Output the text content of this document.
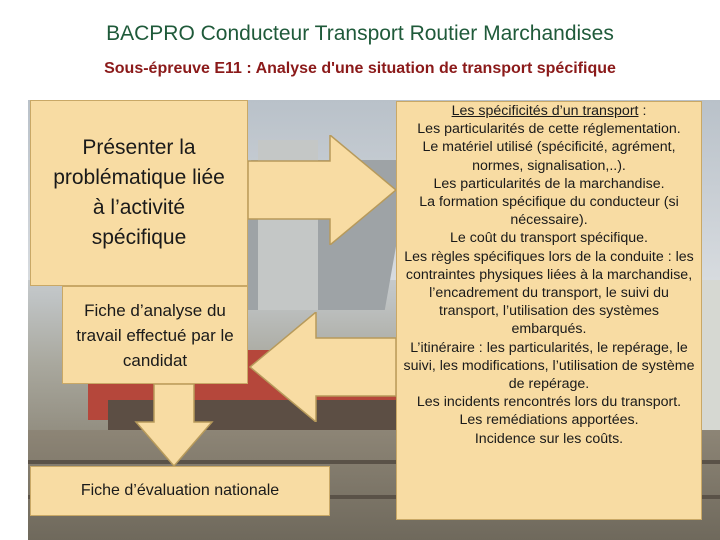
BACPRO Conducteur Transport Routier Marchandises
Sous-épreuve E11 : Analyse d'une situation de transport spécifique
Présenter la problématique liée à l’activité spécifique
Fiche d’analyse du travail effectué par le candidat
Fiche d’évaluation nationale
Les spécificités d’un transport :
Les particularités de cette réglementation.
Le matériel utilisé (spécificité, agrément, normes, signalisation,..).
Les particularités de la marchandise.
La formation spécifique du conducteur (si nécessaire).
Le coût du transport spécifique.
Les règles spécifiques lors de la conduite : les contraintes physiques liées à la marchandise, l’encadrement du transport, le suivi du transport, l’utilisation des systèmes embarqués.
L’itinéraire : les particularités, le repérage, le suivi, les modifications, l’utilisation de système de repérage.
Les incidents rencontrés lors du transport.
Les remédiations apportées.
Incidence sur les coûts.
